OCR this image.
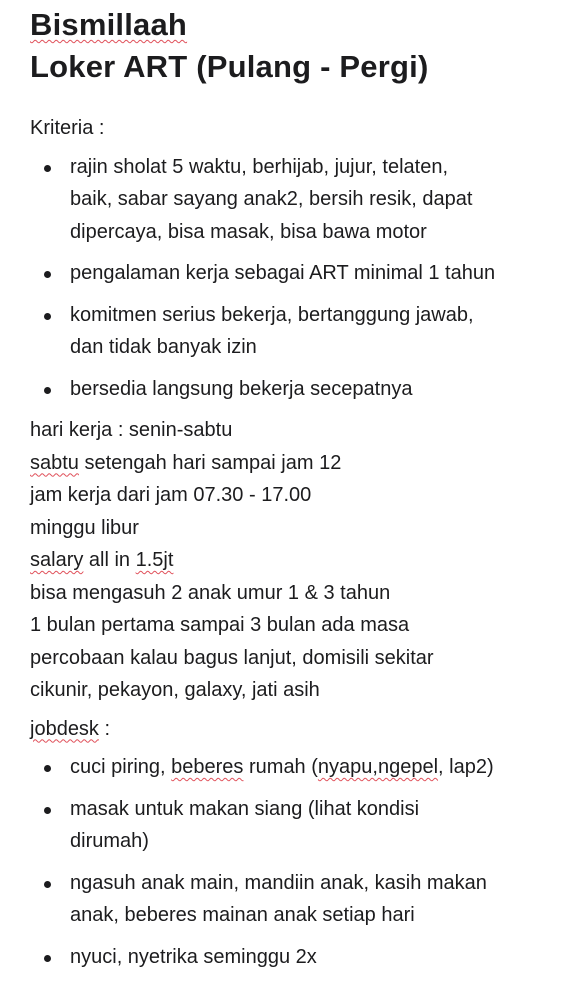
Bismillaah
Loker ART (Pulang - Pergi)
Kriteria :
rajin sholat 5 waktu, berhijab, jujur, telaten,
baik, sabar sayang anak2, bersih resik, dapat
dipercaya, bisa masak, bisa bawa motor
pengalaman kerja sebagai ART minimal 1 tahun
komitmen serius bekerja, bertanggung jawab,
dan tidak banyak izin
bersedia langsung bekerja secepatnya
hari kerja : senin-sabtu
sabtu setengah hari sampai jam 12
jam kerja dari jam 07.30 - 17.00
minggu libur
salary all in 1.5jt
bisa mengasuh 2 anak umur 1 & 3 tahun
1 bulan pertama sampai 3 bulan ada masa
percobaan kalau bagus lanjut, domisili sekitar
cikunir, pekayon, galaxy, jati asih
jobdesk :
cuci piring, beberes rumah (nyapu,ngepel, lap2)
masak untuk makan siang (lihat kondisi
dirumah)
ngasuh anak main, mandiin anak, kasih makan
anak, beberes mainan anak setiap hari
nyuci, nyetrika seminggu 2x
